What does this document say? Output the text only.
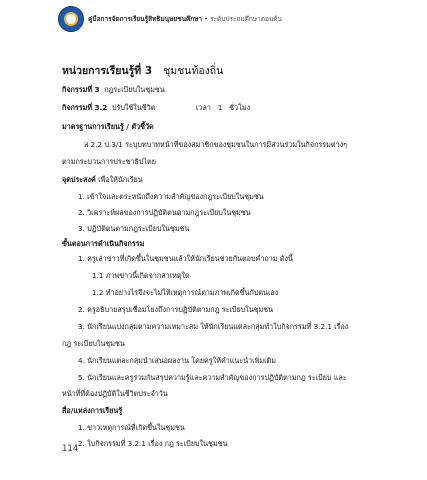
คู่มือการจัดการเรียนรู้สิทธิมนุษยชนศึกษา • ระดับประถมศึกษาตอนต้น
หน่วยการเรียนรู้ที่ 3 ชุมชนท้องถิ่น
กิจกรรมที่ 3 กฎระเบียบในชุมชน
กิจกรรมที่ 3.2 ปรับใช้ในชีวิต	เวลา 1 ชั่วโมง
มาตรฐานการเรียนรู้ / ตัวชี้วัด
ส 2.2 ป.3/1 ระบุบทบาทหน้าที่ของสมาชิกของชุมชนในการมีส่วนร่วมในกิจกรรมต่างๆ
ตามกระบวนการประชาธิปไตย
จุดประสงค์ เพื่อให้นักเรียน
1. เข้าใจและตระหนักถึงความสำคัญของกฎระเบียบในชุมชน
2. วิเคราะห์ผลของการปฏิบัติตนตามกฎระเบียบในชุมชน
3. ปฏิบัติตนตามกฎระเบียบในชุมชน
ขั้นตอนการดำเนินกิจกรรม
1. ครูเล่าข่าวที่เกิดขึ้นในชุมชนแล้วให้นักเรียนช่วยกันตอบคำถาม ดังนี้
1.1 ภาพข่าวนี้เกิดจากสาเหตุใด
1.2 ทำอย่างไรจึงจะไม่ให้เหตุการณ์ตามภาพเกิดขึ้นกับตนเอง
2. ครูอธิบายสรุปเชื่อมโยงถึงการปฏิบัติตามกฎ ระเบียบในชุมชน
3. นักเรียนแบ่งกลุ่มตามความเหมาะสม ให้นักเรียนแต่ละกลุ่มทำใบกิจกรรมที่ 3.2.1 เรื่อง
กฎ ระเบียบในชุมชน
4. นักเรียนแต่ละกลุ่มนำเสนอผลงาน โดยครูให้คำแนะนำเพิ่มเติม
5. นักเรียนและครูร่วมกันสรุปความรู้และความสำคัญของการปฏิบัติตามกฎ ระเบียบ และ
หน้าที่ที่ต้องปฏิบัติในชีวิตประจำวัน
สื่อ/แหล่งการเรียนรู้
1. ข่าวเหตุการณ์ที่เกิดขึ้นในชุมชน
2. ใบกิจกรรมที่ 3.2.1 เรื่อง กฎ ระเบียบในชุมชน
114
